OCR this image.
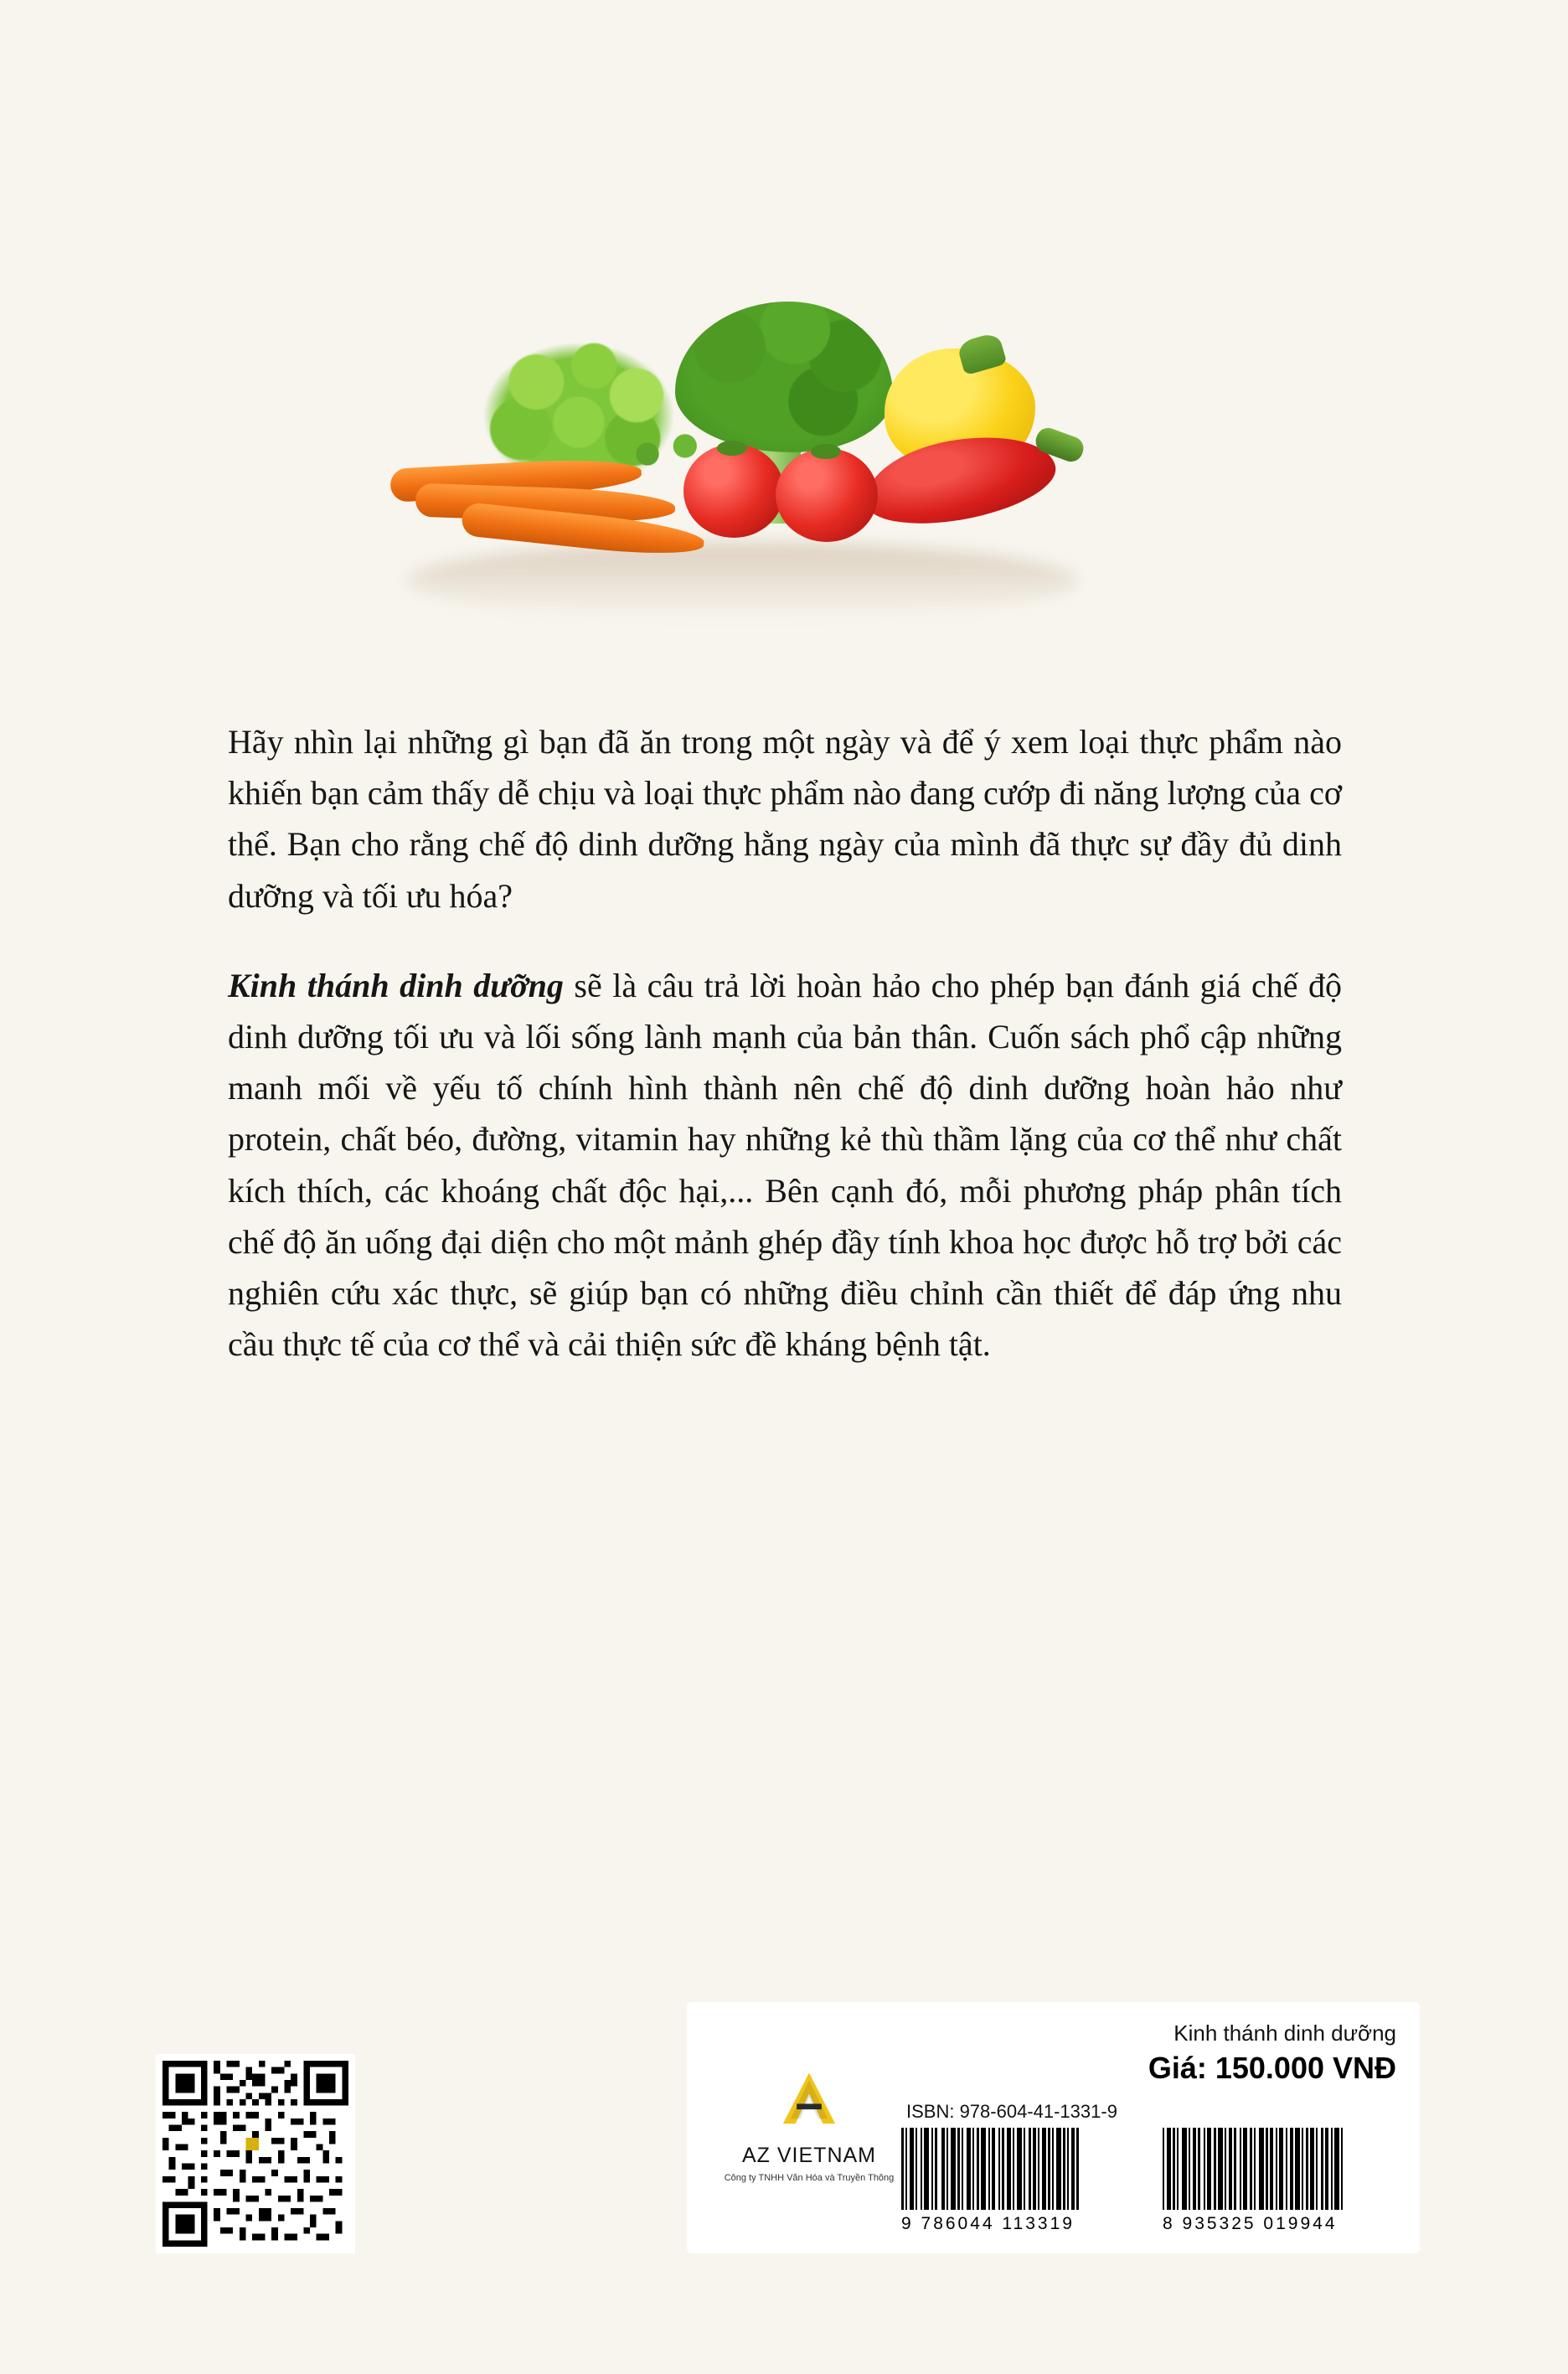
Hãy nhìn lại những gì bạn đã ăn trong một ngày và để ý xem loại thực phẩm nào khiến bạn cảm thấy dễ chịu và loại thực phẩm nào đang cướp đi năng lượng của cơ thể. Bạn cho rằng chế độ dinh dưỡng hằng ngày của mình đã thực sự đầy đủ dinh dưỡng và tối ưu hóa?

Kinh thánh dinh dưỡng sẽ là câu trả lời hoàn hảo cho phép bạn đánh giá chế độ dinh dưỡng tối ưu và lối sống lành mạnh của bản thân. Cuốn sách phổ cập những manh mối về yếu tố chính hình thành nên chế độ dinh dưỡng hoàn hảo như protein, chất béo, đường, vitamin hay những kẻ thù thầm lặng của cơ thể như chất kích thích, các khoáng chất độc hại,... Bên cạnh đó, mỗi phương pháp phân tích chế độ ăn uống đại diện cho một mảnh ghép đầy tính khoa học được hỗ trợ bởi các nghiên cứu xác thực, sẽ giúp bạn có những điều chỉnh cần thiết để đáp ứng nhu cầu thực tế của cơ thể và cải thiện sức đề kháng bệnh tật.

Kinh thánh dinh dưỡng
Giá: 150.000 VNĐ
ISBN: 978-604-41-1331-9
AZ VIETNAM
Công ty TNHH Văn Hóa và Truyền Thông
9 786044 113319	8 935325 019944
